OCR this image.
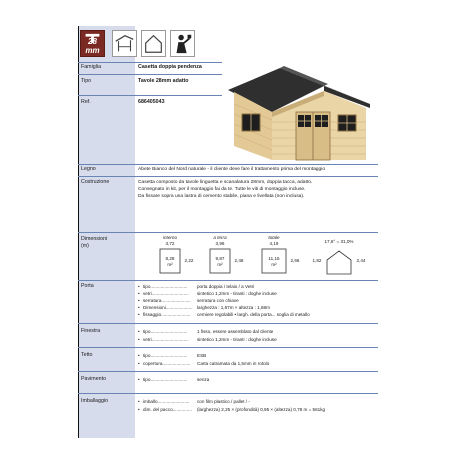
28 mm
Famiglia	Casetta doppia pendenza
Tipo	Tavole 28mm adatto
Ref.	686405043
Legno	Abete Bianco del Nord naturale - il cliente deve fare il trattamento prima del montaggio
Costruzione	Casetta composto da tavole linguetta e scanalatura 28mm, doppia tacca, adatto.
Consegnato in kit, per il montaggio fai da te. Tutte le viti di montaggio incluse.
Da fissare sopra una lastra di cemento stabile, piana e livellata (non inclusa).
Dimensioni
(m)
interno
3,72
8,28
m²
2,22
a terra
3,96
9,87
m²
2,48
totale
4,19
11,15
m²
2,66
17,6° = 31,0%
1,82	2,44
Porta	• tipo............................. porta doppia / telaio / a Vetri
• vetri............................. sintetico 1,2mm - tiranti : doghe incluse
• serratura....................... serratura con chiave
• Dimensioni..................... larghezza : 1,67m × altezza : 1,68m
• fissaggio....................... cerniere regolabili • largh. della porta... soglia di metallo
Finestra	• tipo............................. 1 fisso, essere assemblato dal cliente
• vetri............................. sintetico 1,2mm - tiranti : doghe incluse
Tetto	• tipo............................. ESB
• copertura...................... Carta catramata da 1,5mm in rotolo
Pavimento	• tipo............................. senza
Imballaggio	• imballo......................... con film plastico / pallet / -
• dim. del pacco............... (larghezza) 2,25 × (profondità) 0,95 × (altezza) 0,78 m = 561kg
